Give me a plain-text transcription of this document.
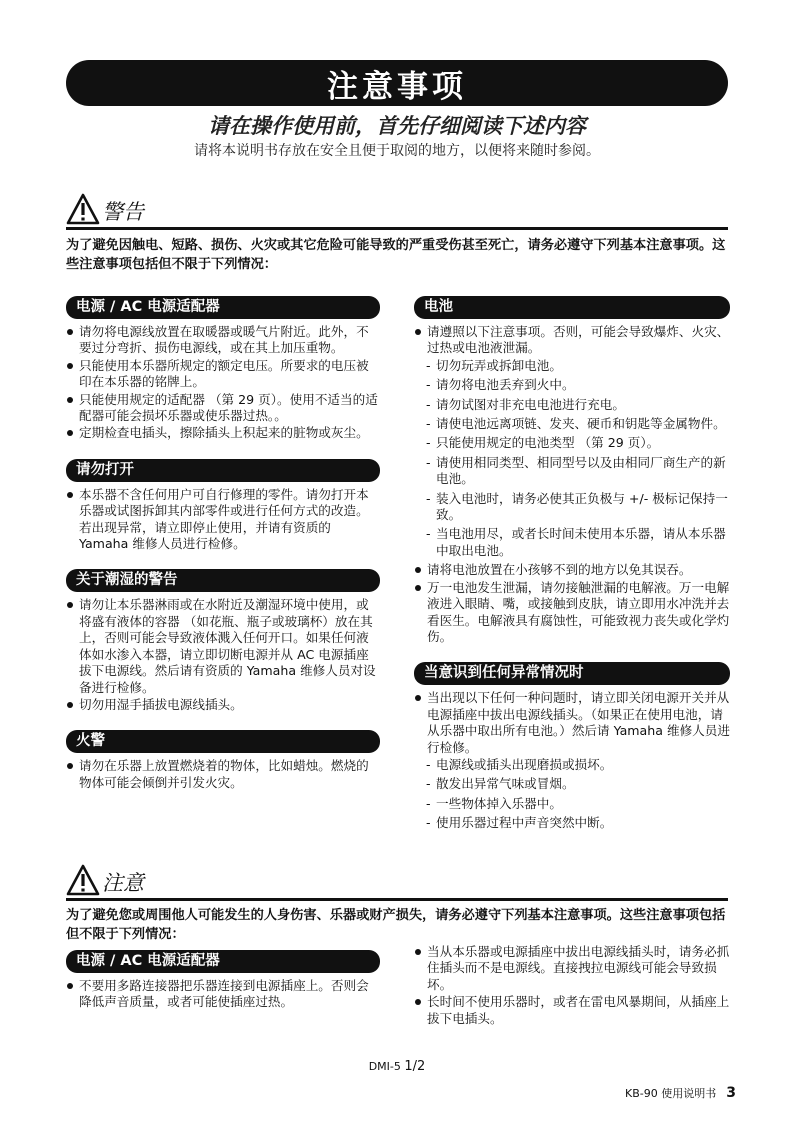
注意事项
请在操作使用前，首先仔细阅读下述内容
请将本说明书存放在安全且便于取阅的地方，以便将来随时参阅。
警告
为了避免因触电、短路、损伤、火灾或其它危险可能导致的严重受伤甚至死亡，请务必遵守下列基本注意事项。这些注意事项包括但不限于下列情况：
电源 / AC 电源适配器
请勿将电源线放置在取暖器或暖气片附近。此外，不要过分弯折、损伤电源线，或在其上加压重物。
只能使用本乐器所规定的额定电压。所要求的电压被印在本乐器的铭牌上。
只能使用规定的适配器 （第 29 页）。使用不适当的适配器可能会损坏乐器或使乐器过热。。
定期检查电插头，擦除插头上积起来的脏物或灰尘。
请勿打开
本乐器不含任何用户可自行修理的零件。请勿打开本乐器或试图拆卸其内部零件或进行任何方式的改造。若出现异常，请立即停止使用，并请有资质的 Yamaha 维修人员进行检修。
关于潮湿的警告
请勿让本乐器淋雨或在水附近及潮湿环境中使用，或将盛有液体的容器 （如花瓶、瓶子或玻璃杯）放在其上，否则可能会导致液体溅入任何开口。如果任何液体如水渗入本器，请立即切断电源并从 AC 电源插座拔下电源线。然后请有资质的 Yamaha 维修人员对设备进行检修。
切勿用湿手插拔电源线插头。
火警
请勿在乐器上放置燃烧着的物体，比如蜡烛。燃烧的物体可能会倾倒并引发火灾。
电池
请遵照以下注意事项。否则，可能会导致爆炸、火灾、过热或电池液泄漏。
- 切勿玩弄或拆卸电池。
- 请勿将电池丢弃到火中。
- 请勿试图对非充电电池进行充电。
- 请使电池远离项链、发夹、硬币和钥匙等金属物件。
- 只能使用规定的电池类型 （第 29 页）。
- 请使用相同类型、相同型号以及由相同厂商生产的新电池。
- 装入电池时，请务必使其正负极与 +/- 极标记保持一致。
- 当电池用尽，或者长时间未使用本乐器，请从本乐器中取出电池。
请将电池放置在小孩够不到的地方以免其误吞。
万一电池发生泄漏，请勿接触泄漏的电解液。万一电解液进入眼睛、嘴，或接触到皮肤，请立即用水冲洗并去看医生。电解液具有腐蚀性，可能致视力丧失或化学灼伤。
当意识到任何异常情况时
当出现以下任何一种问题时，请立即关闭电源开关并从电源插座中拔出电源线插头。（如果正在使用电池，请从乐器中取出所有电池。）然后请 Yamaha 维修人员进行检修。
- 电源线或插头出现磨损或损坏。
- 散发出异常气味或冒烟。
- 一些物体掉入乐器中。
- 使用乐器过程中声音突然中断。
注意
为了避免您或周围他人可能发生的人身伤害、乐器或财产损失，请务必遵守下列基本注意事项。这些注意事项包括但不限于下列情况：
电源 / AC 电源适配器
不要用多路连接器把乐器连接到电源插座上。否则会降低声音质量，或者可能使插座过热。
当从本乐器或电源插座中拔出电源线插头时，请务必抓住插头而不是电源线。直接拽拉电源线可能会导致损坏。
长时间不使用乐器时，或者在雷电风暴期间，从插座上拔下电插头。
DMI-5 1/2
KB-90 使用说明书 3
